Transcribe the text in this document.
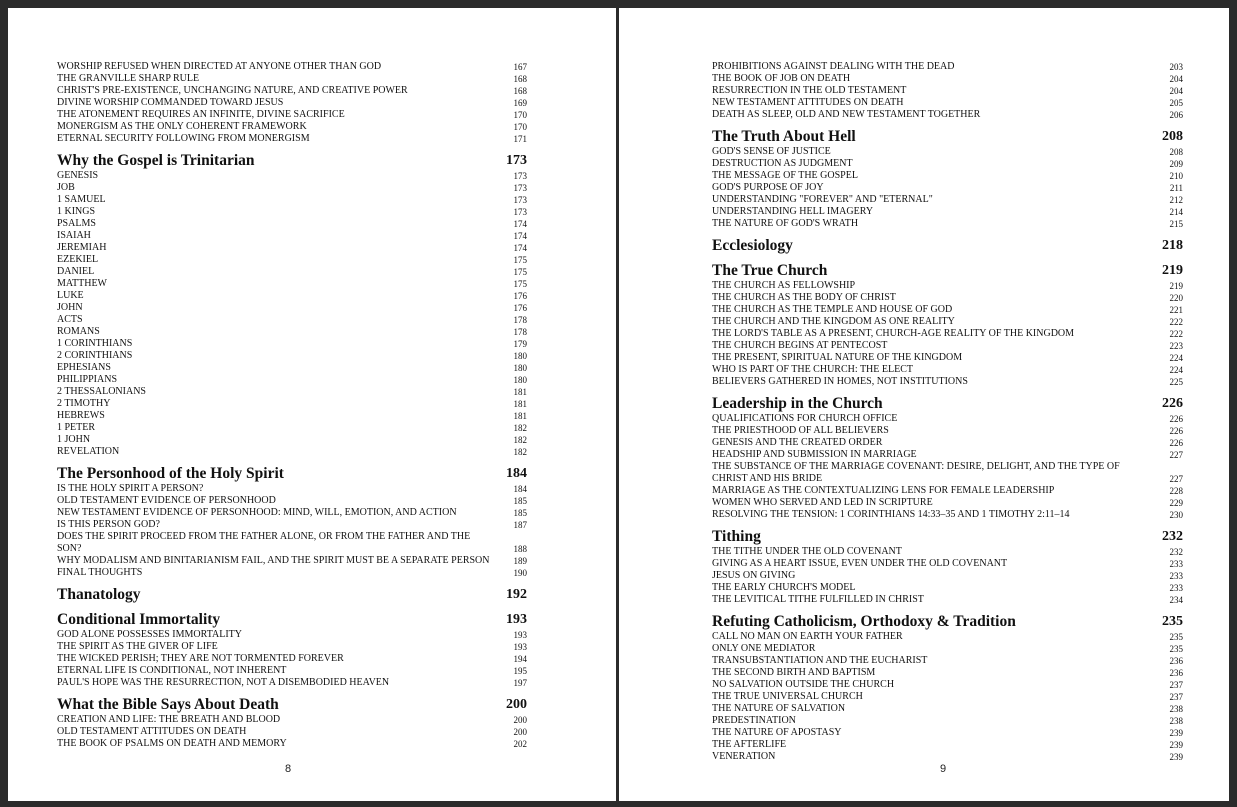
WORSHIP REFUSED WHEN DIRECTED AT ANYONE OTHER THAN GOD	167
THE GRANVILLE SHARP RULE	168
CHRIST'S PRE-EXISTENCE, UNCHANGING NATURE, AND CREATIVE POWER	168
DIVINE WORSHIP COMMANDED TOWARD JESUS	169
THE ATONEMENT REQUIRES AN INFINITE, DIVINE SACRIFICE	170
MONERGISM AS THE ONLY COHERENT FRAMEWORK	170
ETERNAL SECURITY FOLLOWING FROM MONERGISM	171
Why the Gospel is Trinitarian	173
GENESIS	173
JOB	173
1 SAMUEL	173
1 KINGS	173
PSALMS	174
ISAIAH	174
JEREMIAH	174
EZEKIEL	175
DANIEL	175
MATTHEW	175
LUKE	176
JOHN	176
ACTS	178
ROMANS	178
1 CORINTHIANS	179
2 CORINTHIANS	180
EPHESIANS	180
PHILIPPIANS	180
2 THESSALONIANS	181
2 TIMOTHY	181
HEBREWS	181
1 PETER	182
1 JOHN	182
REVELATION	182
The Personhood of the Holy Spirit	184
IS THE HOLY SPIRIT A PERSON?	184
OLD TESTAMENT EVIDENCE OF PERSONHOOD	185
NEW TESTAMENT EVIDENCE OF PERSONHOOD: MIND, WILL, EMOTION, AND ACTION	185
IS THIS PERSON GOD?	187
DOES THE SPIRIT PROCEED FROM THE FATHER ALONE, OR FROM THE FATHER AND THE SON?	188
WHY MODALISM AND BINITARIANISM FAIL, AND THE SPIRIT MUST BE A SEPARATE PERSON	189
FINAL THOUGHTS	190
Thanatology	192
Conditional Immortality	193
GOD ALONE POSSESSES IMMORTALITY	193
THE SPIRIT AS THE GIVER OF LIFE	193
THE WICKED PERISH; THEY ARE NOT TORMENTED FOREVER	194
ETERNAL LIFE IS CONDITIONAL, NOT INHERENT	195
PAUL'S HOPE WAS THE RESURRECTION, NOT A DISEMBODIED HEAVEN	197
What the Bible Says About Death	200
CREATION AND LIFE: THE BREATH AND BLOOD	200
OLD TESTAMENT ATTITUDES ON DEATH	200
THE BOOK OF PSALMS ON DEATH AND MEMORY	202
8
PROHIBITIONS AGAINST DEALING WITH THE DEAD	203
THE BOOK OF JOB ON DEATH	204
RESURRECTION IN THE OLD TESTAMENT	204
NEW TESTAMENT ATTITUDES ON DEATH	205
DEATH AS SLEEP, OLD AND NEW TESTAMENT TOGETHER	206
The Truth About Hell	208
GOD'S SENSE OF JUSTICE	208
DESTRUCTION AS JUDGMENT	209
THE MESSAGE OF THE GOSPEL	210
GOD'S PURPOSE OF JOY	211
UNDERSTANDING "FOREVER" AND "ETERNAL"	212
UNDERSTANDING HELL IMAGERY	214
THE NATURE OF GOD'S WRATH	215
Ecclesiology	218
The True Church	219
THE CHURCH AS FELLOWSHIP	219
THE CHURCH AS THE BODY OF CHRIST	220
THE CHURCH AS THE TEMPLE AND HOUSE OF GOD	221
THE CHURCH AND THE KINGDOM AS ONE REALITY	222
THE LORD'S TABLE AS A PRESENT, CHURCH-AGE REALITY OF THE KINGDOM	222
THE CHURCH BEGINS AT PENTECOST	223
THE PRESENT, SPIRITUAL NATURE OF THE KINGDOM	224
WHO IS PART OF THE CHURCH: THE ELECT	224
BELIEVERS GATHERED IN HOMES, NOT INSTITUTIONS	225
Leadership in the Church	226
QUALIFICATIONS FOR CHURCH OFFICE	226
THE PRIESTHOOD OF ALL BELIEVERS	226
GENESIS AND THE CREATED ORDER	226
HEADSHIP AND SUBMISSION IN MARRIAGE	227
THE SUBSTANCE OF THE MARRIAGE COVENANT: DESIRE, DELIGHT, AND THE TYPE OF CHRIST AND HIS BRIDE	227
MARRIAGE AS THE CONTEXTUALIZING LENS FOR FEMALE LEADERSHIP	228
WOMEN WHO SERVED AND LED IN SCRIPTURE	229
RESOLVING THE TENSION: 1 CORINTHIANS 14:33–35 AND 1 TIMOTHY 2:11–14	230
Tithing	232
THE TITHE UNDER THE OLD COVENANT	232
GIVING AS A HEART ISSUE, EVEN UNDER THE OLD COVENANT	233
JESUS ON GIVING	233
THE EARLY CHURCH'S MODEL	233
THE LEVITICAL TITHE FULFILLED IN CHRIST	234
Refuting Catholicism, Orthodoxy & Tradition	235
CALL NO MAN ON EARTH YOUR FATHER	235
ONLY ONE MEDIATOR	235
TRANSUBSTANTIATION AND THE EUCHARIST	236
THE SECOND BIRTH AND BAPTISM	236
NO SALVATION OUTSIDE THE CHURCH	237
THE TRUE UNIVERSAL CHURCH	237
THE NATURE OF SALVATION	238
PREDESTINATION	238
THE NATURE OF APOSTASY	239
THE AFTERLIFE	239
VENERATION	239
9
